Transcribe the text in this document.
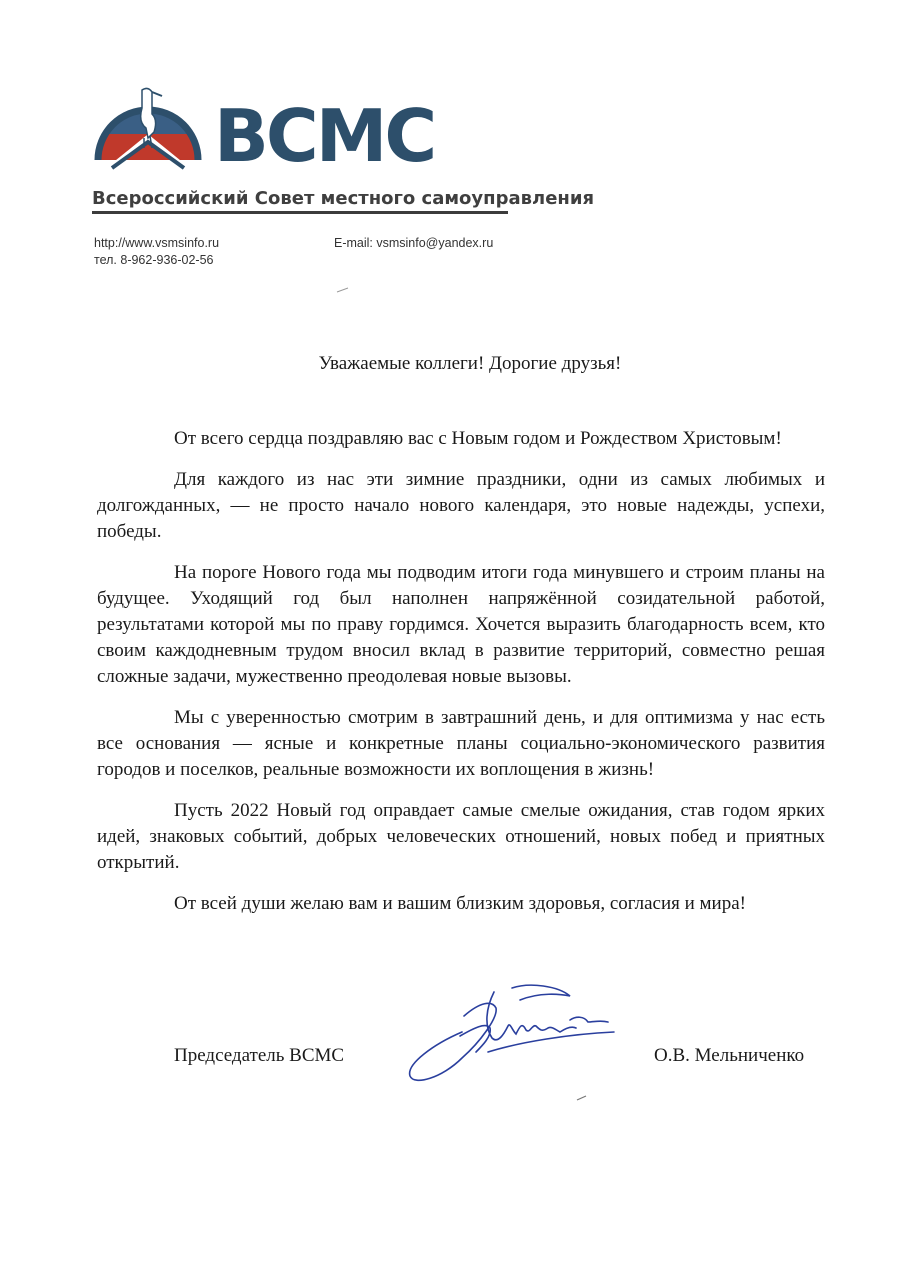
ВСМС
Всероссийский Совет местного самоуправления
http://www.vsmsinfo.ru
тел. 8-962-936-02-56
E-mail: vsmsinfo@yandex.ru
Уважаемые коллеги! Дорогие друзья!

От всего сердца поздравляю вас с Новым годом и Рождеством Христовым!

Для каждого из нас эти зимние праздники, одни из самых любимых и долгожданных, — не просто начало нового календаря, это новые надежды, успехи, победы.

На пороге Нового года мы подводим итоги года минувшего и строим планы на будущее. Уходящий год был наполнен напряжённой созидательной работой, результатами которой мы по праву гордимся. Хочется выразить благодарность всем, кто своим каждодневным трудом вносил вклад в развитие территорий, совместно решая сложные задачи, мужественно преодолевая новые вызовы.

Мы с уверенностью смотрим в завтрашний день, и для оптимизма у нас есть все основания — ясные и конкретные планы социально-экономического развития городов и поселков, реальные возможности их воплощения в жизнь!

Пусть 2022 Новый год оправдает самые смелые ожидания, став годом ярких идей, знаковых событий, добрых человеческих отношений, новых побед и приятных открытий.

От всей души желаю вам и вашим близким здоровья, согласия и мира!

Председатель ВСМС	О.В. Мельниченко
